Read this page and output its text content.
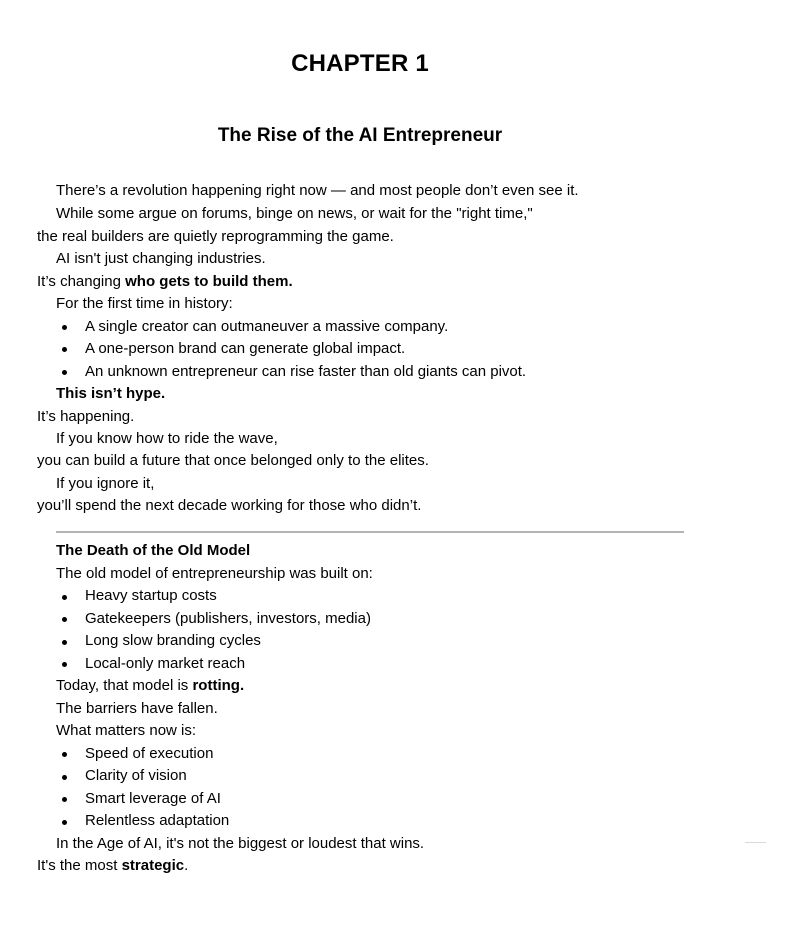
CHAPTER 1
The Rise of the AI Entrepreneur
There’s a revolution happening right now — and most people don’t even see it.
While some argue on forums, binge on news, or wait for the "right time,"
the real builders are quietly reprogramming the game.
AI isn't just changing industries.
It’s changing who gets to build them.
For the first time in history:
A single creator can outmaneuver a massive company.
A one-person brand can generate global impact.
An unknown entrepreneur can rise faster than old giants can pivot.
This isn’t hype.
It’s happening.
If you know how to ride the wave,
you can build a future that once belonged only to the elites.
If you ignore it,
you’ll spend the next decade working for those who didn’t.
The Death of the Old Model
The old model of entrepreneurship was built on:
Heavy startup costs
Gatekeepers (publishers, investors, media)
Long slow branding cycles
Local-only market reach
Today, that model is rotting.
The barriers have fallen.
What matters now is:
Speed of execution
Clarity of vision
Smart leverage of AI
Relentless adaptation
In the Age of AI, it's not the biggest or loudest that wins.
It's the most strategic.
